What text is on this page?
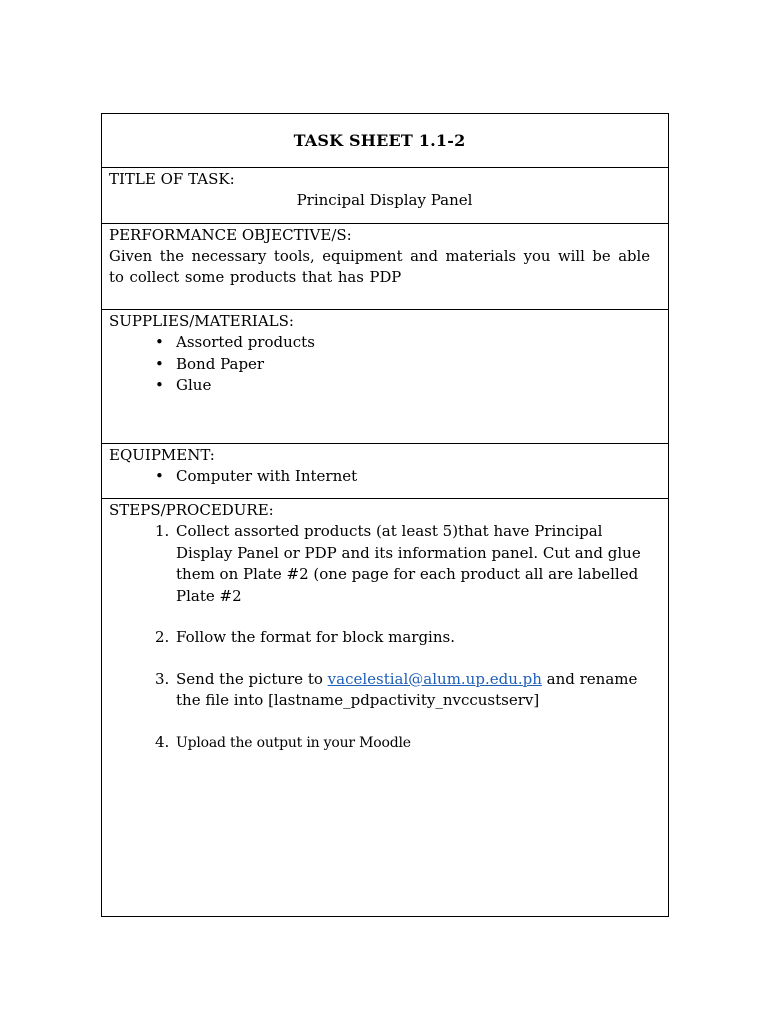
TASK SHEET 1.1-2
TITLE OF TASK:
Principal Display Panel
PERFORMANCE OBJECTIVE/S:
Given the necessary tools, equipment and materials you will be able to collect some products that has PDP
SUPPLIES/MATERIALS:
• Assorted products
• Bond Paper
• Glue
EQUIPMENT:
• Computer with Internet
STEPS/PROCEDURE:
1. Collect assorted products (at least 5)that have Principal Display Panel or PDP and its information panel. Cut and glue them on Plate #2 (one page for each product all are labelled Plate #2
2. Follow the format for block margins.
3. Send the picture to vacelestial@alum.up.edu.ph and rename the file into [lastname_pdpactivity_nvccustserv]
4. Upload the output in your Moodle
